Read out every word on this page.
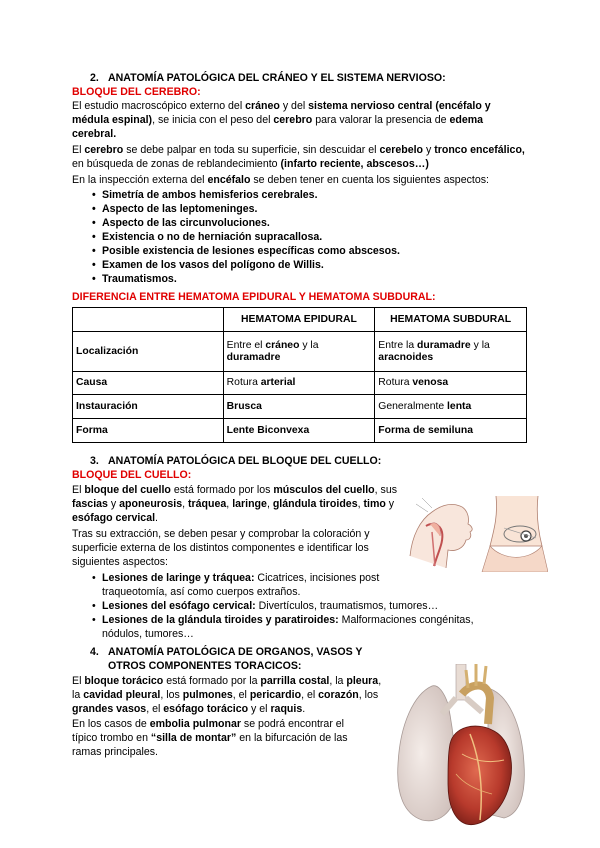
2. ANATOMÍA PATOLÓGICA DEL CRÁNEO Y EL SISTEMA NERVIOSO:
BLOQUE DEL CEREBRO:

El estudio macroscópico externo del cráneo y del sistema nervioso central (encéfalo y médula espinal), se inicia con el peso del cerebro para valorar la presencia de edema cerebral.

El cerebro se debe palpar en toda su superficie, sin descuidar el cerebelo y tronco encefálico, en búsqueda de zonas de reblandecimiento (infarto reciente, abscesos…)

En la inspección externa del encéfalo se deben tener en cuenta los siguientes aspectos:

• Simetría de ambos hemisferios cerebrales.
• Aspecto de las leptomeninges.
• Aspecto de las circunvoluciones.
• Existencia o no de herniación supracallosa.
• Posible existencia de lesiones específicas como abscesos.
• Examen de los vasos del polígono de Willis.
• Traumatismos.
DIFERENCIA ENTRE HEMATOMA EPIDURAL Y HEMATOMA SUBDURAL:
	HEMATOMA EPIDURAL	HEMATOMA SUBDURAL
Localización	Entre el cráneo y la duramadre	Entre la duramadre y la aracnoides
Causa	Rotura arterial	Rotura venosa
Instauración	Brusca	Generalmente lenta
Forma	Lente Biconvexa	Forma de semiluna
3. ANATOMÍA PATOLÓGICA DEL BLOQUE DEL CUELLO:
BLOQUE DEL CUELLO:

El bloque del cuello está formado por los músculos del cuello, sus fascias y aponeurosis, tráquea, laringe, glándula tiroides, timo y esófago cervical.

Tras su extracción, se deben pesar y comprobar la coloración y superficie externa de los distintos componentes e identificar los siguientes aspectos:

• Lesiones de laringe y tráquea: Cicatrices, incisiones post traqueotomía, así como cuerpos extraños.
• Lesiones del esófago cervical: Divertículos, traumatismos, tumores…
• Lesiones de la glándula tiroides y paratiroides: Malformaciones congénitas, nódulos, tumores…
4. ANATOMÍA PATOLÓGICA DE ORGANOS, VASOS Y
OTROS COMPONENTES TORACICOS:

El bloque torácico está formado por la parrilla costal, la pleura, la cavidad pleural, los pulmones, el pericardio, el corazón, los grandes vasos, el esófago torácico y el raquis.

En los casos de embolia pulmonar se podrá encontrar el típico trombo en “silla de montar” en la bifurcación de las ramas principales.
